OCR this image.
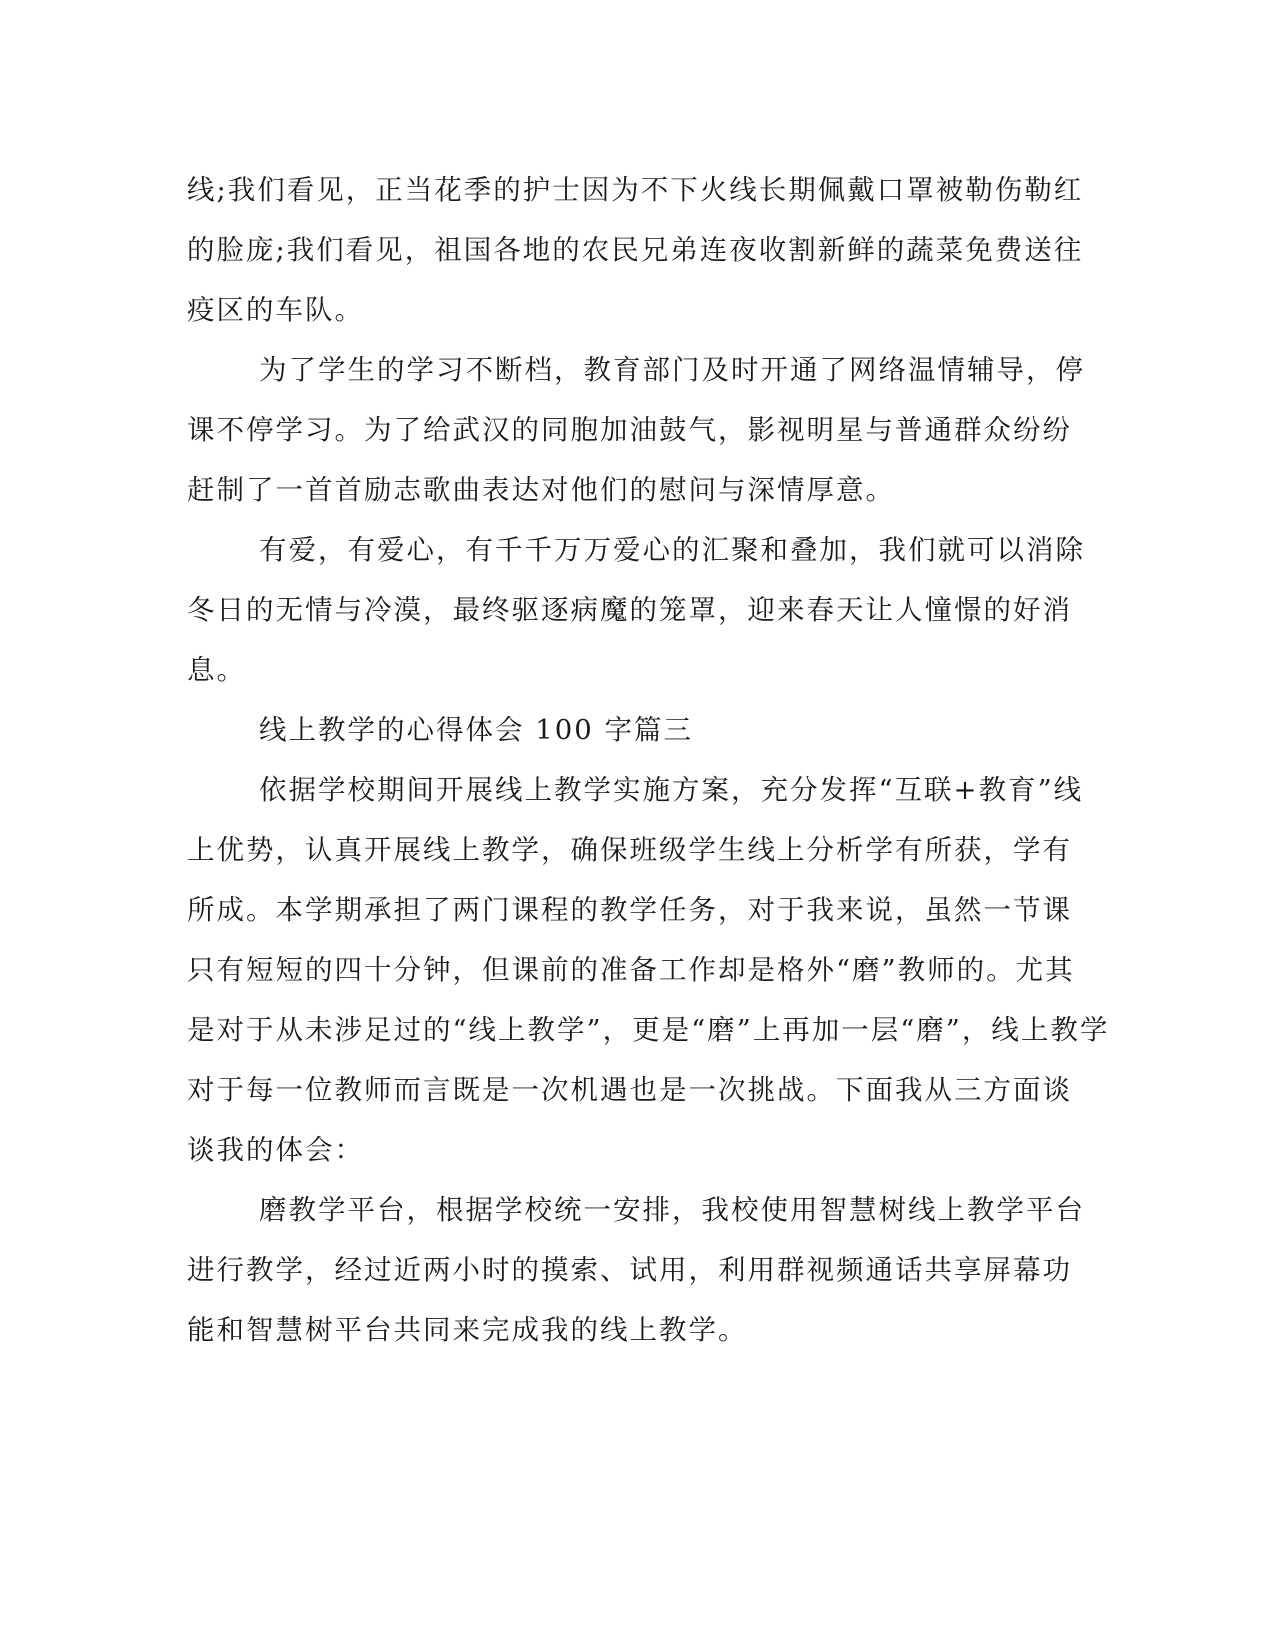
线;我们看见，正当花季的护士因为不下火线长期佩戴口罩被勒伤勒红
的脸庞;我们看见，祖国各地的农民兄弟连夜收割新鲜的蔬菜免费送往
疫区的车队。
为了学生的学习不断档，教育部门及时开通了网络温情辅导，停
课不停学习。为了给武汉的同胞加油鼓气，影视明星与普通群众纷纷
赶制了一首首励志歌曲表达对他们的慰问与深情厚意。
有爱，有爱心，有千千万万爱心的汇聚和叠加，我们就可以消除
冬日的无情与冷漠，最终驱逐病魔的笼罩，迎来春天让人憧憬的好消
息。
线上教学的心得体会 100 字篇三
依据学校期间开展线上教学实施方案，充分发挥“互联+教育”线
上优势，认真开展线上教学，确保班级学生线上分析学有所获，学有
所成。本学期承担了两门课程的教学任务，对于我来说，虽然一节课
只有短短的四十分钟，但课前的准备工作却是格外“磨”教师的。尤其
是对于从未涉足过的“线上教学”，更是“磨”上再加一层“磨”，线上教学
对于每一位教师而言既是一次机遇也是一次挑战。下面我从三方面谈
谈我的体会：
磨教学平台，根据学校统一安排，我校使用智慧树线上教学平台
进行教学，经过近两小时的摸索、试用，利用群视频通话共享屏幕功
能和智慧树平台共同来完成我的线上教学。
